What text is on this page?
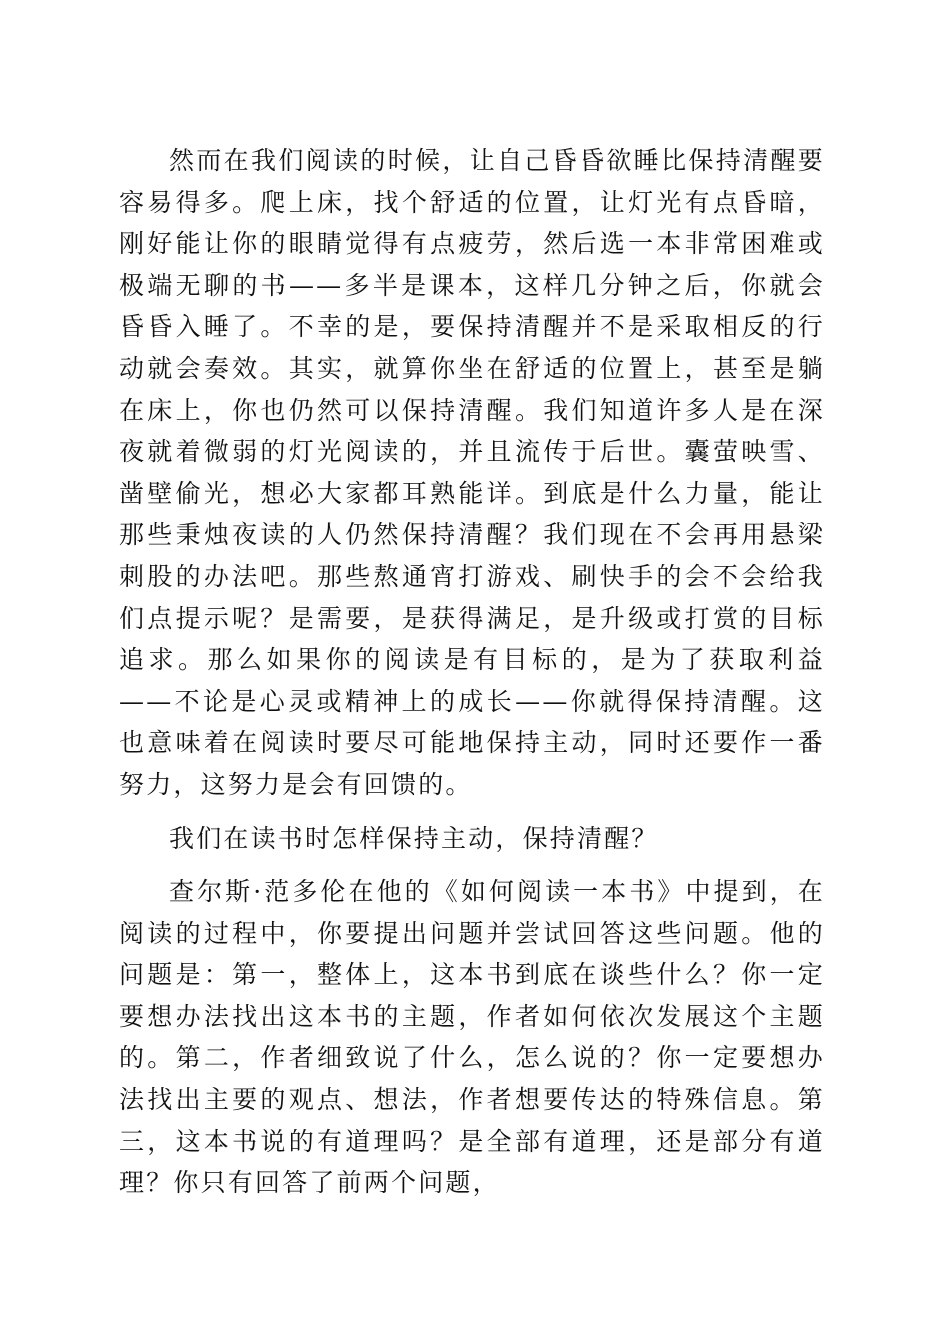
然而在我们阅读的时候，让自己昏昏欲睡比保持清醒要容易得多。爬上床，找个舒适的位置，让灯光有点昏暗，刚好能让你的眼睛觉得有点疲劳，然后选一本非常困难或极端无聊的书——多半是课本，这样几分钟之后，你就会昏昏入睡了。不幸的是，要保持清醒并不是采取相反的行动就会奏效。其实，就算你坐在舒适的位置上，甚至是躺在床上，你也仍然可以保持清醒。我们知道许多人是在深夜就着微弱的灯光阅读的，并且流传于后世。囊萤映雪、凿壁偷光，想必大家都耳熟能详。到底是什么力量，能让那些秉烛夜读的人仍然保持清醒？我们现在不会再用悬梁刺股的办法吧。那些熬通宵打游戏、刷快手的会不会给我们点提示呢？是需要，是获得满足，是升级或打赏的目标追求。那么如果你的阅读是有目标的，是为了获取利益——不论是心灵或精神上的成长——你就得保持清醒。这也意味着在阅读时要尽可能地保持主动，同时还要作一番努力，这努力是会有回馈的。

我们在读书时怎样保持主动，保持清醒？

查尔斯·范多伦在他的《如何阅读一本书》中提到，在阅读的过程中，你要提出问题并尝试回答这些问题。他的问题是：第一，整体上，这本书到底在谈些什么？你一定要想办法找出这本书的主题，作者如何依次发展这个主题的。第二，作者细致说了什么，怎么说的？你一定要想办法找出主要的观点、想法，作者想要传达的特殊信息。第三，这本书说的有道理吗？是全部有道理，还是部分有道理？你只有回答了前两个问题，
